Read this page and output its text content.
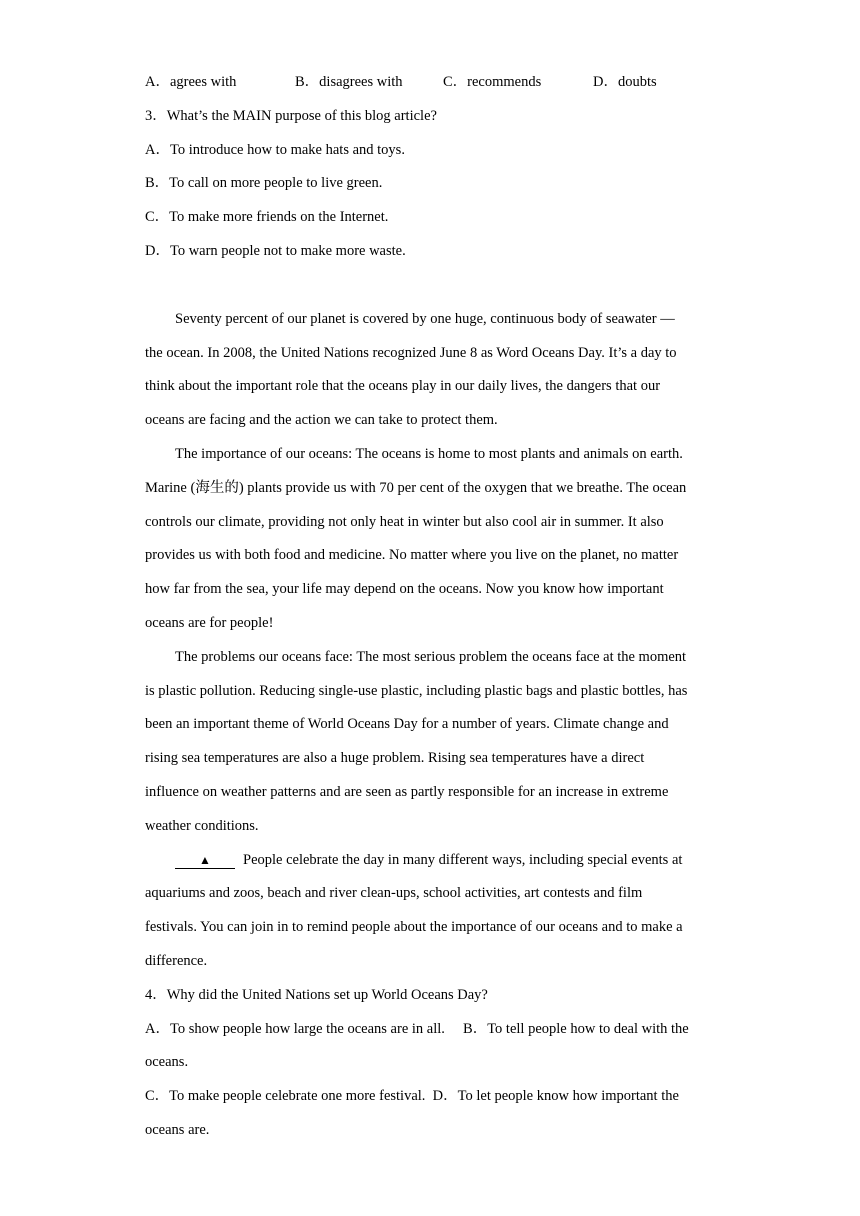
A．agrees with	B．disagrees with	C．recommends	D．doubts
3．What’s the MAIN purpose of this blog article?
A．To introduce how to make hats and toys.
B．To call on more people to live green.
C．To make more friends on the Internet.
D．To warn people not to make more waste.
Seventy percent of our planet is covered by one huge, continuous body of seawater —
the ocean. In 2008, the United Nations recognized June 8 as Word Oceans Day. It’s a day to
think about the important role that the oceans play in our daily lives, the dangers that our
oceans are facing and the action we can take to protect them.
The importance of our oceans: The oceans is home to most plants and animals on earth.
Marine (海生的) plants provide us with 70 per cent of the oxygen that we breathe. The ocean
controls our climate, providing not only heat in winter but also cool air in summer. It also
provides us with both food and medicine. No matter where you live on the planet, no matter
how far from the sea, your life may depend on the oceans. Now you know how important
oceans are for people!
The problems our oceans face: The most serious problem the oceans face at the moment
is plastic pollution. Reducing single-use plastic, including plastic bags and plastic bottles, has
been an important theme of World Oceans Day for a number of years. Climate change and
rising sea temperatures are also a huge problem. Rising sea temperatures have a direct
influence on weather patterns and are seen as partly responsible for an increase in extreme
weather conditions.
▲ People celebrate the day in many different ways, including special events at
aquariums and zoos, beach and river clean-ups, school activities, art contests and film
festivals. You can join in to remind people about the importance of our oceans and to make a
difference.
4．Why did the United Nations set up World Oceans Day?
A．To show people how large the oceans are in all.     B．To tell people how to deal with the
oceans.
C．To make people celebrate one more festival.  D．To let people know how important the
oceans are.
